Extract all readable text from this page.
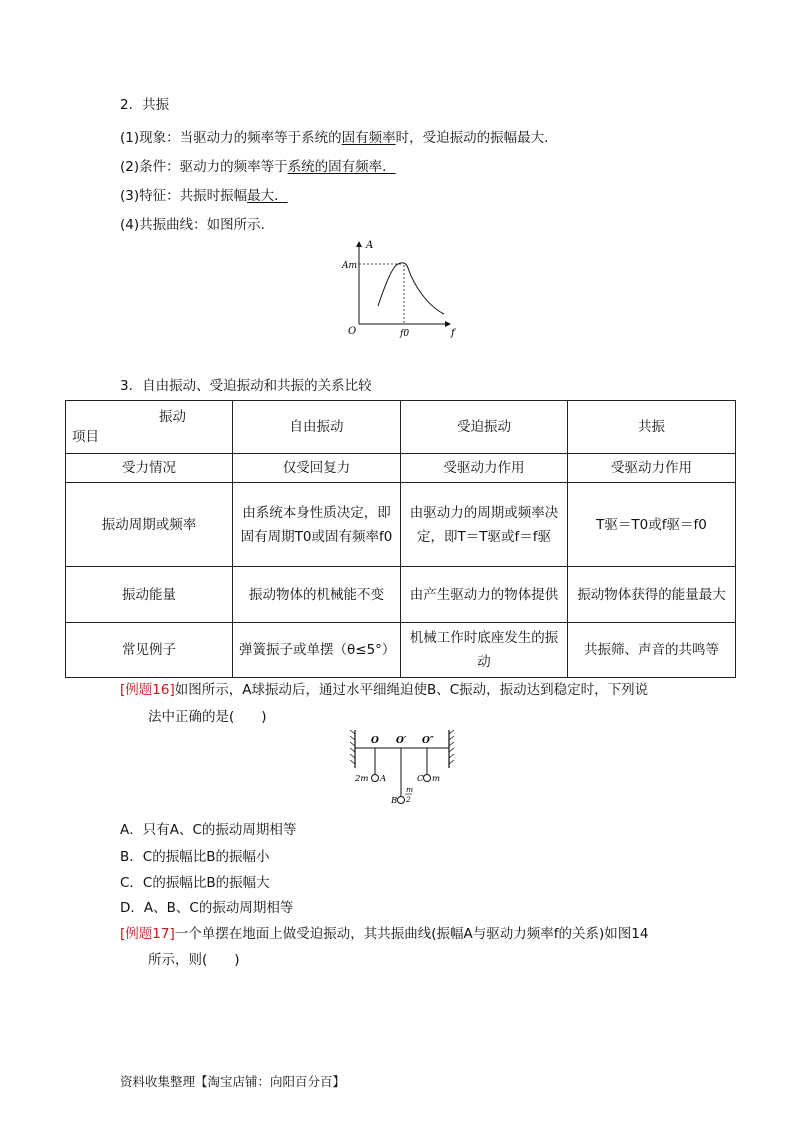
2．共振
(1)现象：当驱动力的频率等于系统的固有频率时，受迫振动的振幅最大.
(2)条件：驱动力的频率等于系统的固有频率．
(3)特征：共振时振幅最大．
(4)共振曲线：如图所示．
A
Am
O	f0	f
3．自由振动、受迫振动和共振的关系比较
振动
项目	自由振动	受迫振动	共振
受力情况	仅受回复力	受驱动力作用	受驱动力作用
振动周期或频率	由系统本身性质决定，即固有周期T0或固有频率f0	由驱动力的周期或频率决定，即T＝T驱或f＝f驱	T驱＝T0或f驱＝f0
振动能量	振动物体的机械能不变	由产生驱动力的物体提供	振动物体获得的能量最大
常见例子	弹簧振子或单摆（θ≤5°）	机械工作时底座发生的振动	共振筛、声音的共鸣等
[例题16]如图所示，A球振动后，通过水平细绳迫使B、C振动，振动达到稳定时，下列说
法中正确的是(　　)
O O′ O″
2m A
B
m
2
C m
A．只有A、C的振动周期相等
B．C的振幅比B的振幅小
C．C的振幅比B的振幅大
D．A、B、C的振动周期相等
[例题17]一个单摆在地面上做受迫振动，其共振曲线(振幅A与驱动力频率f的关系)如图14
所示，则(　　)
资料收集整理【淘宝店铺：向阳百分百】
